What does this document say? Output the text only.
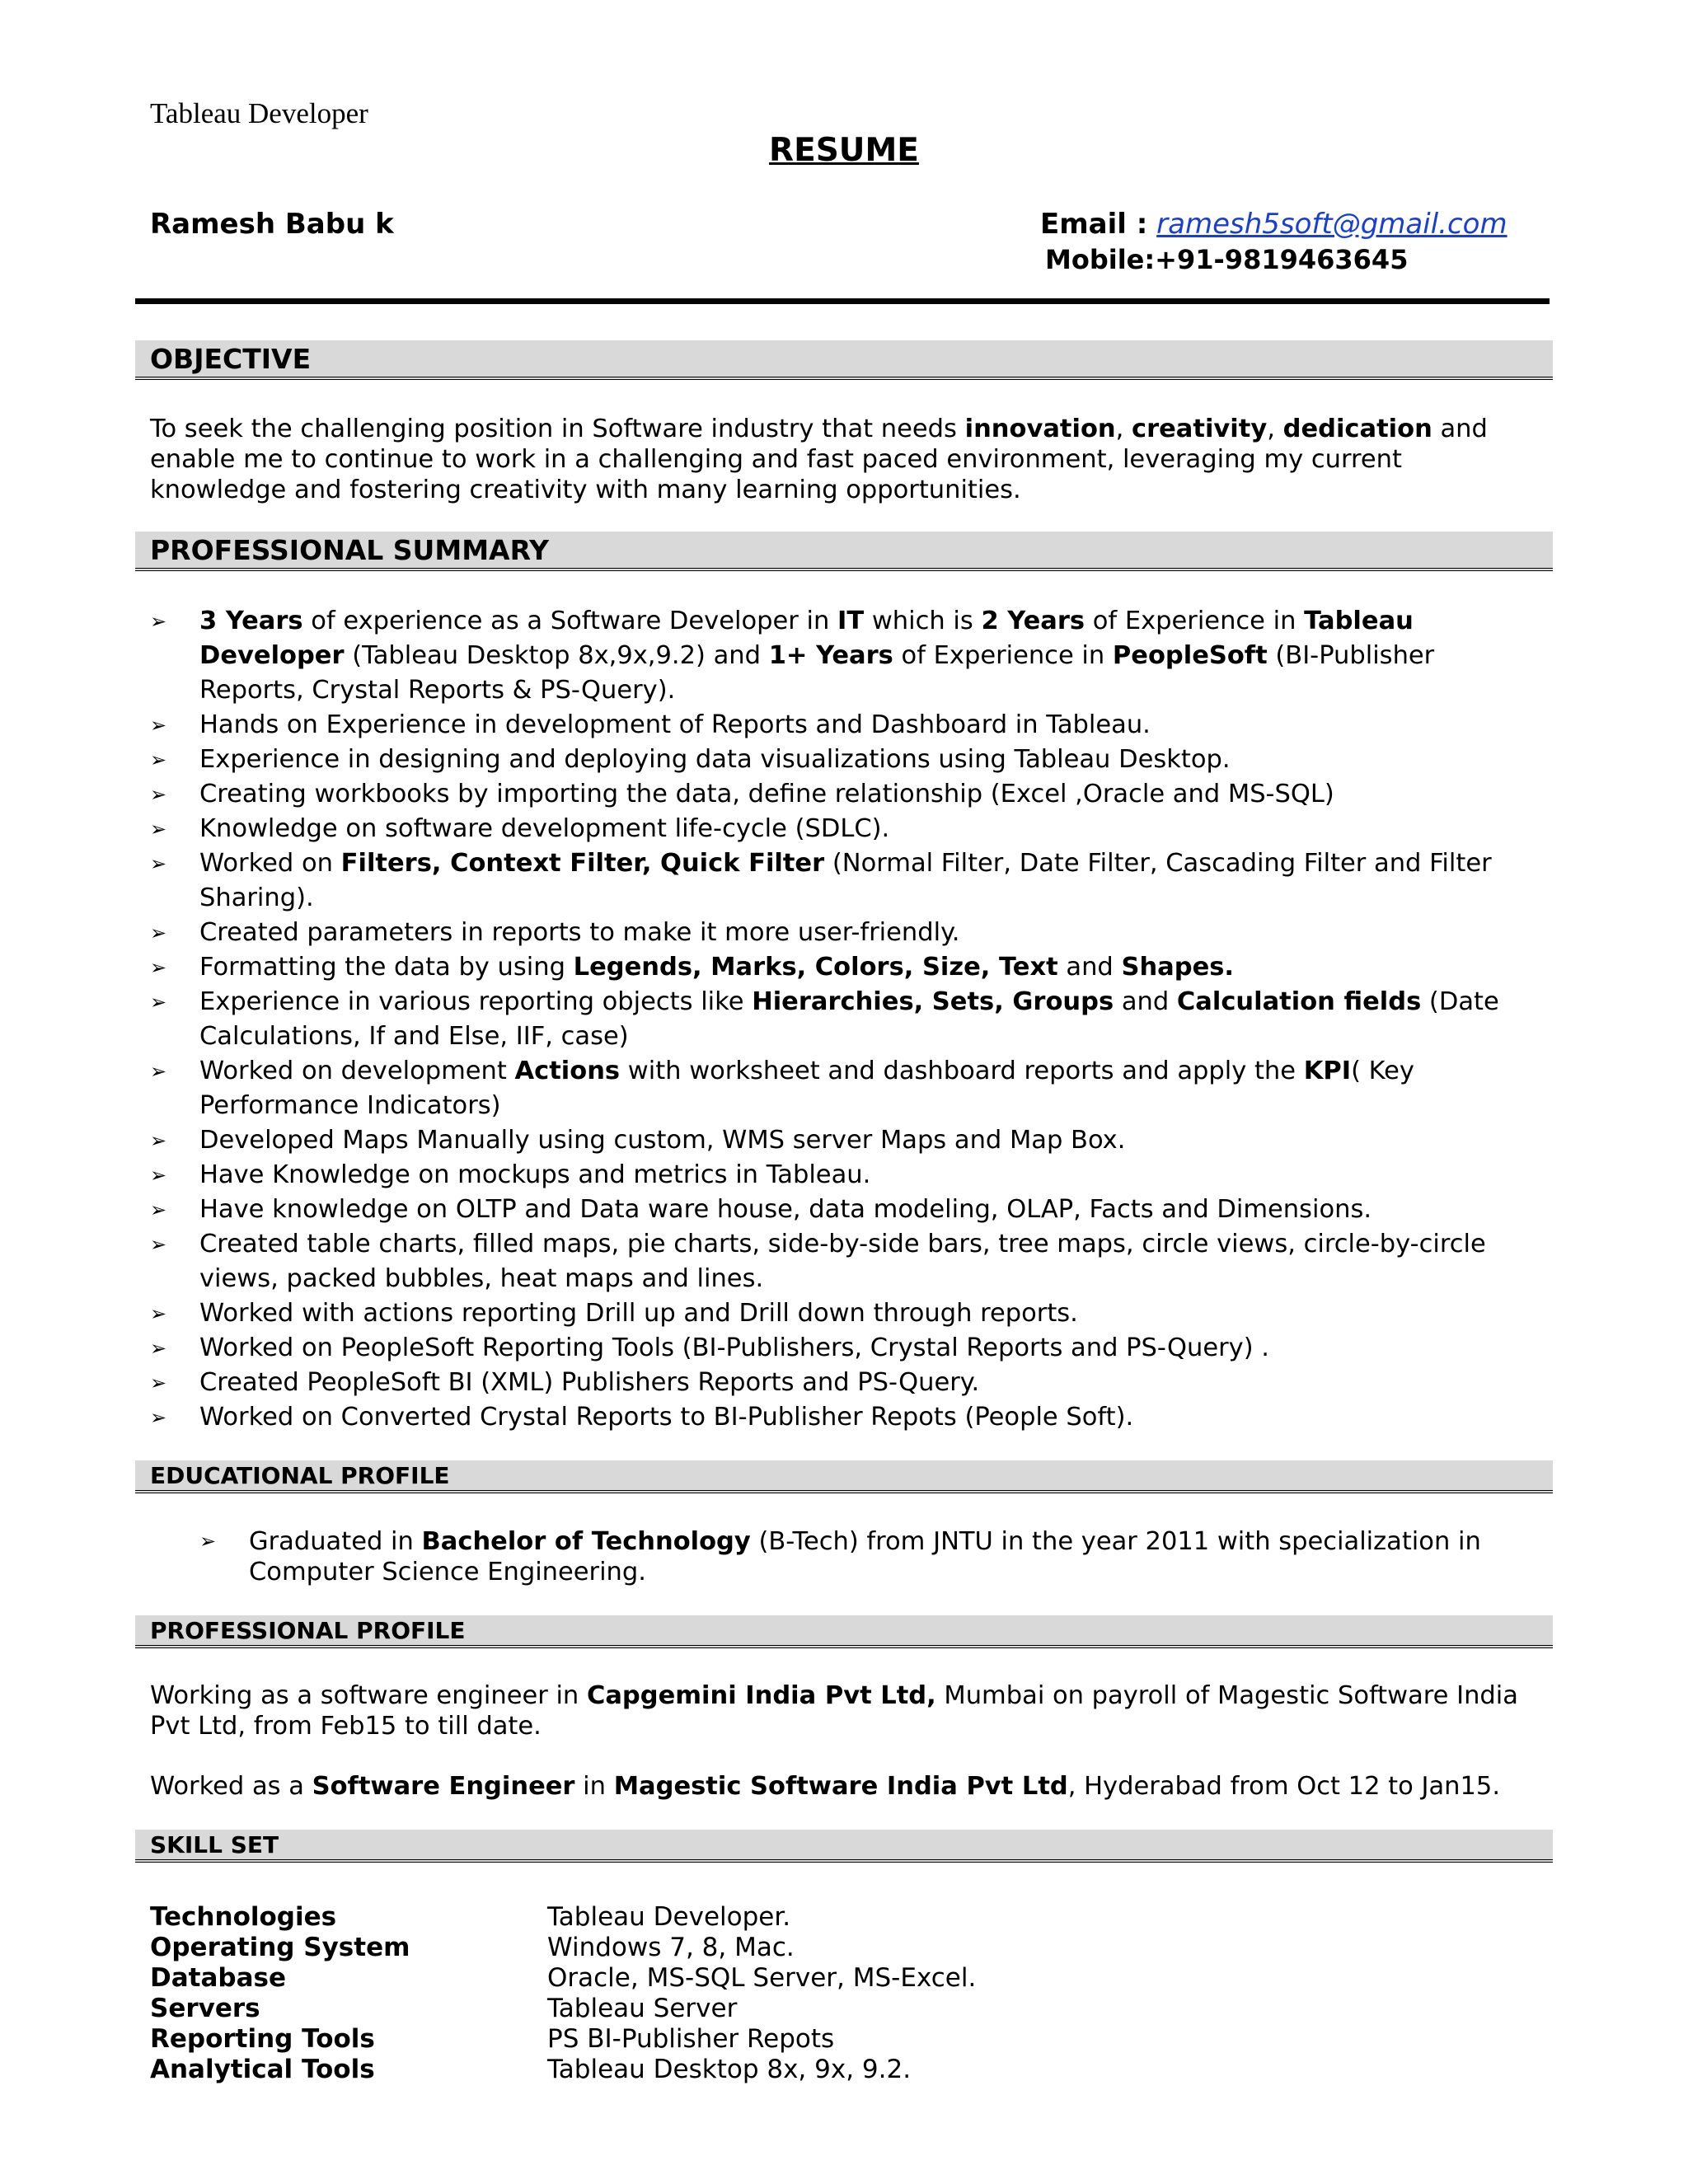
Tableau Developer
RESUME
Ramesh Babu k	Email : ramesh5soft@gmail.com
Mobile:+91-9819463645
OBJECTIVE
To seek the challenging position in Software industry that needs innovation, creativity, dedication and enable me to continue to work in a challenging and fast paced environment, leveraging my current knowledge and fostering creativity with many learning opportunities.
PROFESSIONAL SUMMARY
➢ 3 Years of experience as a Software Developer in IT which is 2 Years of Experience in Tableau Developer (Tableau Desktop 8x,9x,9.2) and 1+ Years of Experience in PeopleSoft (BI-Publisher Reports, Crystal Reports & PS-Query).
➢ Hands on Experience in development of Reports and Dashboard in Tableau.
➢ Experience in designing and deploying data visualizations using Tableau Desktop.
➢ Creating workbooks by importing the data, define relationship (Excel ,Oracle and MS-SQL)
➢ Knowledge on software development life-cycle (SDLC).
➢ Worked on Filters, Context Filter, Quick Filter (Normal Filter, Date Filter, Cascading Filter and Filter Sharing).
➢ Created parameters in reports to make it more user-friendly.
➢ Formatting the data by using Legends, Marks, Colors, Size, Text and Shapes.
➢ Experience in various reporting objects like Hierarchies, Sets, Groups and Calculation fields (Date Calculations, If and Else, IIF, case)
➢ Worked on development Actions with worksheet and dashboard reports and apply the KPI( Key Performance Indicators)
➢ Developed Maps Manually using custom, WMS server Maps and Map Box.
➢ Have Knowledge on mockups and metrics in Tableau.
➢ Have knowledge on OLTP and Data ware house, data modeling, OLAP, Facts and Dimensions.
➢ Created table charts, filled maps, pie charts, side-by-side bars, tree maps, circle views, circle-by-circle views, packed bubbles, heat maps and lines.
➢ Worked with actions reporting Drill up and Drill down through reports.
➢ Worked on PeopleSoft Reporting Tools (BI-Publishers, Crystal Reports and PS-Query) .
➢ Created PeopleSoft BI (XML) Publishers Reports and PS-Query.
➢ Worked on Converted Crystal Reports to BI-Publisher Repots (People Soft).
EDUCATIONAL PROFILE
➢ Graduated in Bachelor of Technology (B-Tech) from JNTU in the year 2011 with specialization in Computer Science Engineering.
PROFESSIONAL PROFILE
Working as a software engineer in Capgemini India Pvt Ltd, Mumbai on payroll of Magestic Software India Pvt Ltd, from Feb15 to till date.
Worked as a Software Engineer in Magestic Software India Pvt Ltd, Hyderabad from Oct 12 to Jan15.
SKILL SET
Technologies	Tableau Developer.
Operating System	Windows 7, 8, Mac.
Database	Oracle, MS-SQL Server, MS-Excel.
Servers	Tableau Server
Reporting Tools	PS BI-Publisher Repots
Analytical Tools	Tableau Desktop 8x, 9x, 9.2.
